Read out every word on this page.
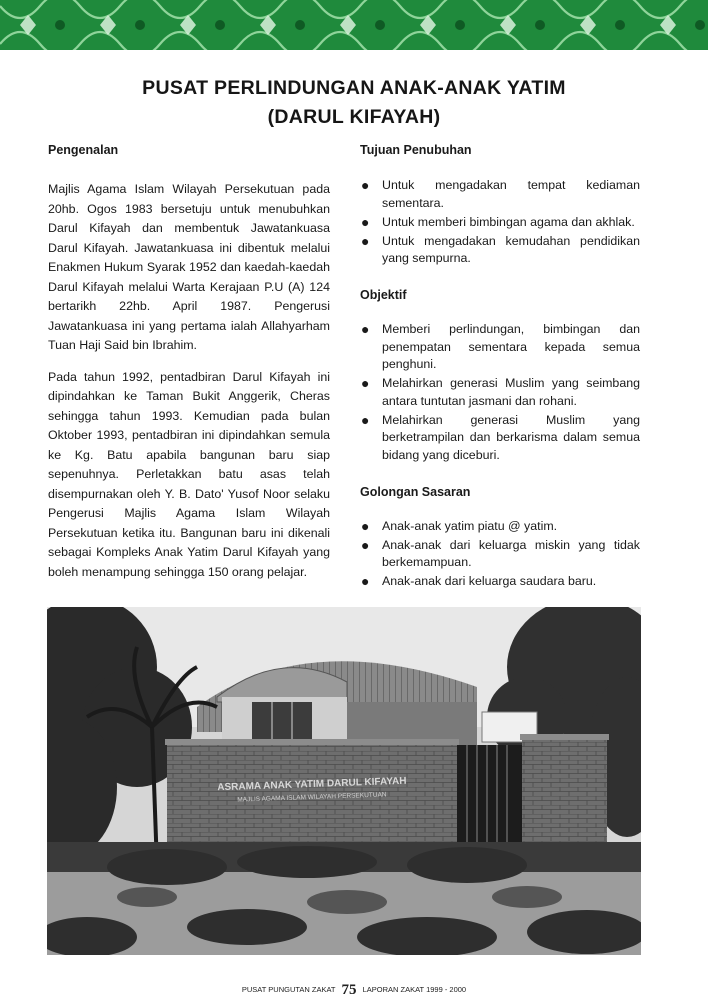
PUSAT PERLINDUNGAN ANAK-ANAK YATIM
(DARUL KIFAYAH)

Pengenalan

Majlis Agama Islam Wilayah Persekutuan pada 20hb. Ogos 1983 bersetuju untuk menubuhkan Darul Kifayah dan membentuk Jawatankuasa Darul Kifayah. Jawatankuasa ini dibentuk melalui Enakmen Hukum Syarak 1952 dan kaedah-kaedah Darul Kifayah melalui Warta Kerajaan P.U (A) 124 bertarikh 22hb. April 1987. Pengerusi Jawatankuasa ini yang pertama ialah Allahyarham Tuan Haji Said bin Ibrahim.

Pada tahun 1992, pentadbiran Darul Kifayah ini dipindahkan ke Taman Bukit Anggerik, Cheras sehingga tahun 1993. Kemudian pada bulan Oktober 1993, pentadbiran ini dipindahkan semula ke Kg. Batu apabila bangunan baru siap sepenuhnya. Perletakkan batu asas telah disempurnakan oleh Y. B. Dato' Yusof Noor selaku Pengerusi Majlis Agama Islam Wilayah Persekutuan ketika itu. Bangunan baru ini dikenali sebagai Kompleks Anak Yatim Darul Kifayah yang boleh menampung sehingga 150 orang pelajar.

Tujuan Penubuhan

● Untuk mengadakan tempat kediaman sementara.
● Untuk memberi bimbingan agama dan akhlak.
● Untuk mengadakan kemudahan pendidikan yang sempurna.

Objektif

● Memberi perlindungan, bimbingan dan penempatan sementara kepada semua penghuni.
● Melahirkan generasi Muslim yang seimbang antara tuntutan jasmani dan rohani.
● Melahirkan generasi Muslim yang berketrampilan dan berkarisma dalam semua bidang yang diceburi.

Golongan Sasaran

● Anak-anak yatim piatu @ yatim.
● Anak-anak dari keluarga miskin yang tidak berkemampuan.
● Anak-anak dari keluarga saudara baru.
ASRAMA ANAK YATIM DARUL KIFAYAH
MAJLIS AGAMA ISLAM WILAYAH PERSEKUTUAN
PUSAT PUNGUTAN ZAKAT 75 LAPORAN ZAKAT 1999 - 2000
